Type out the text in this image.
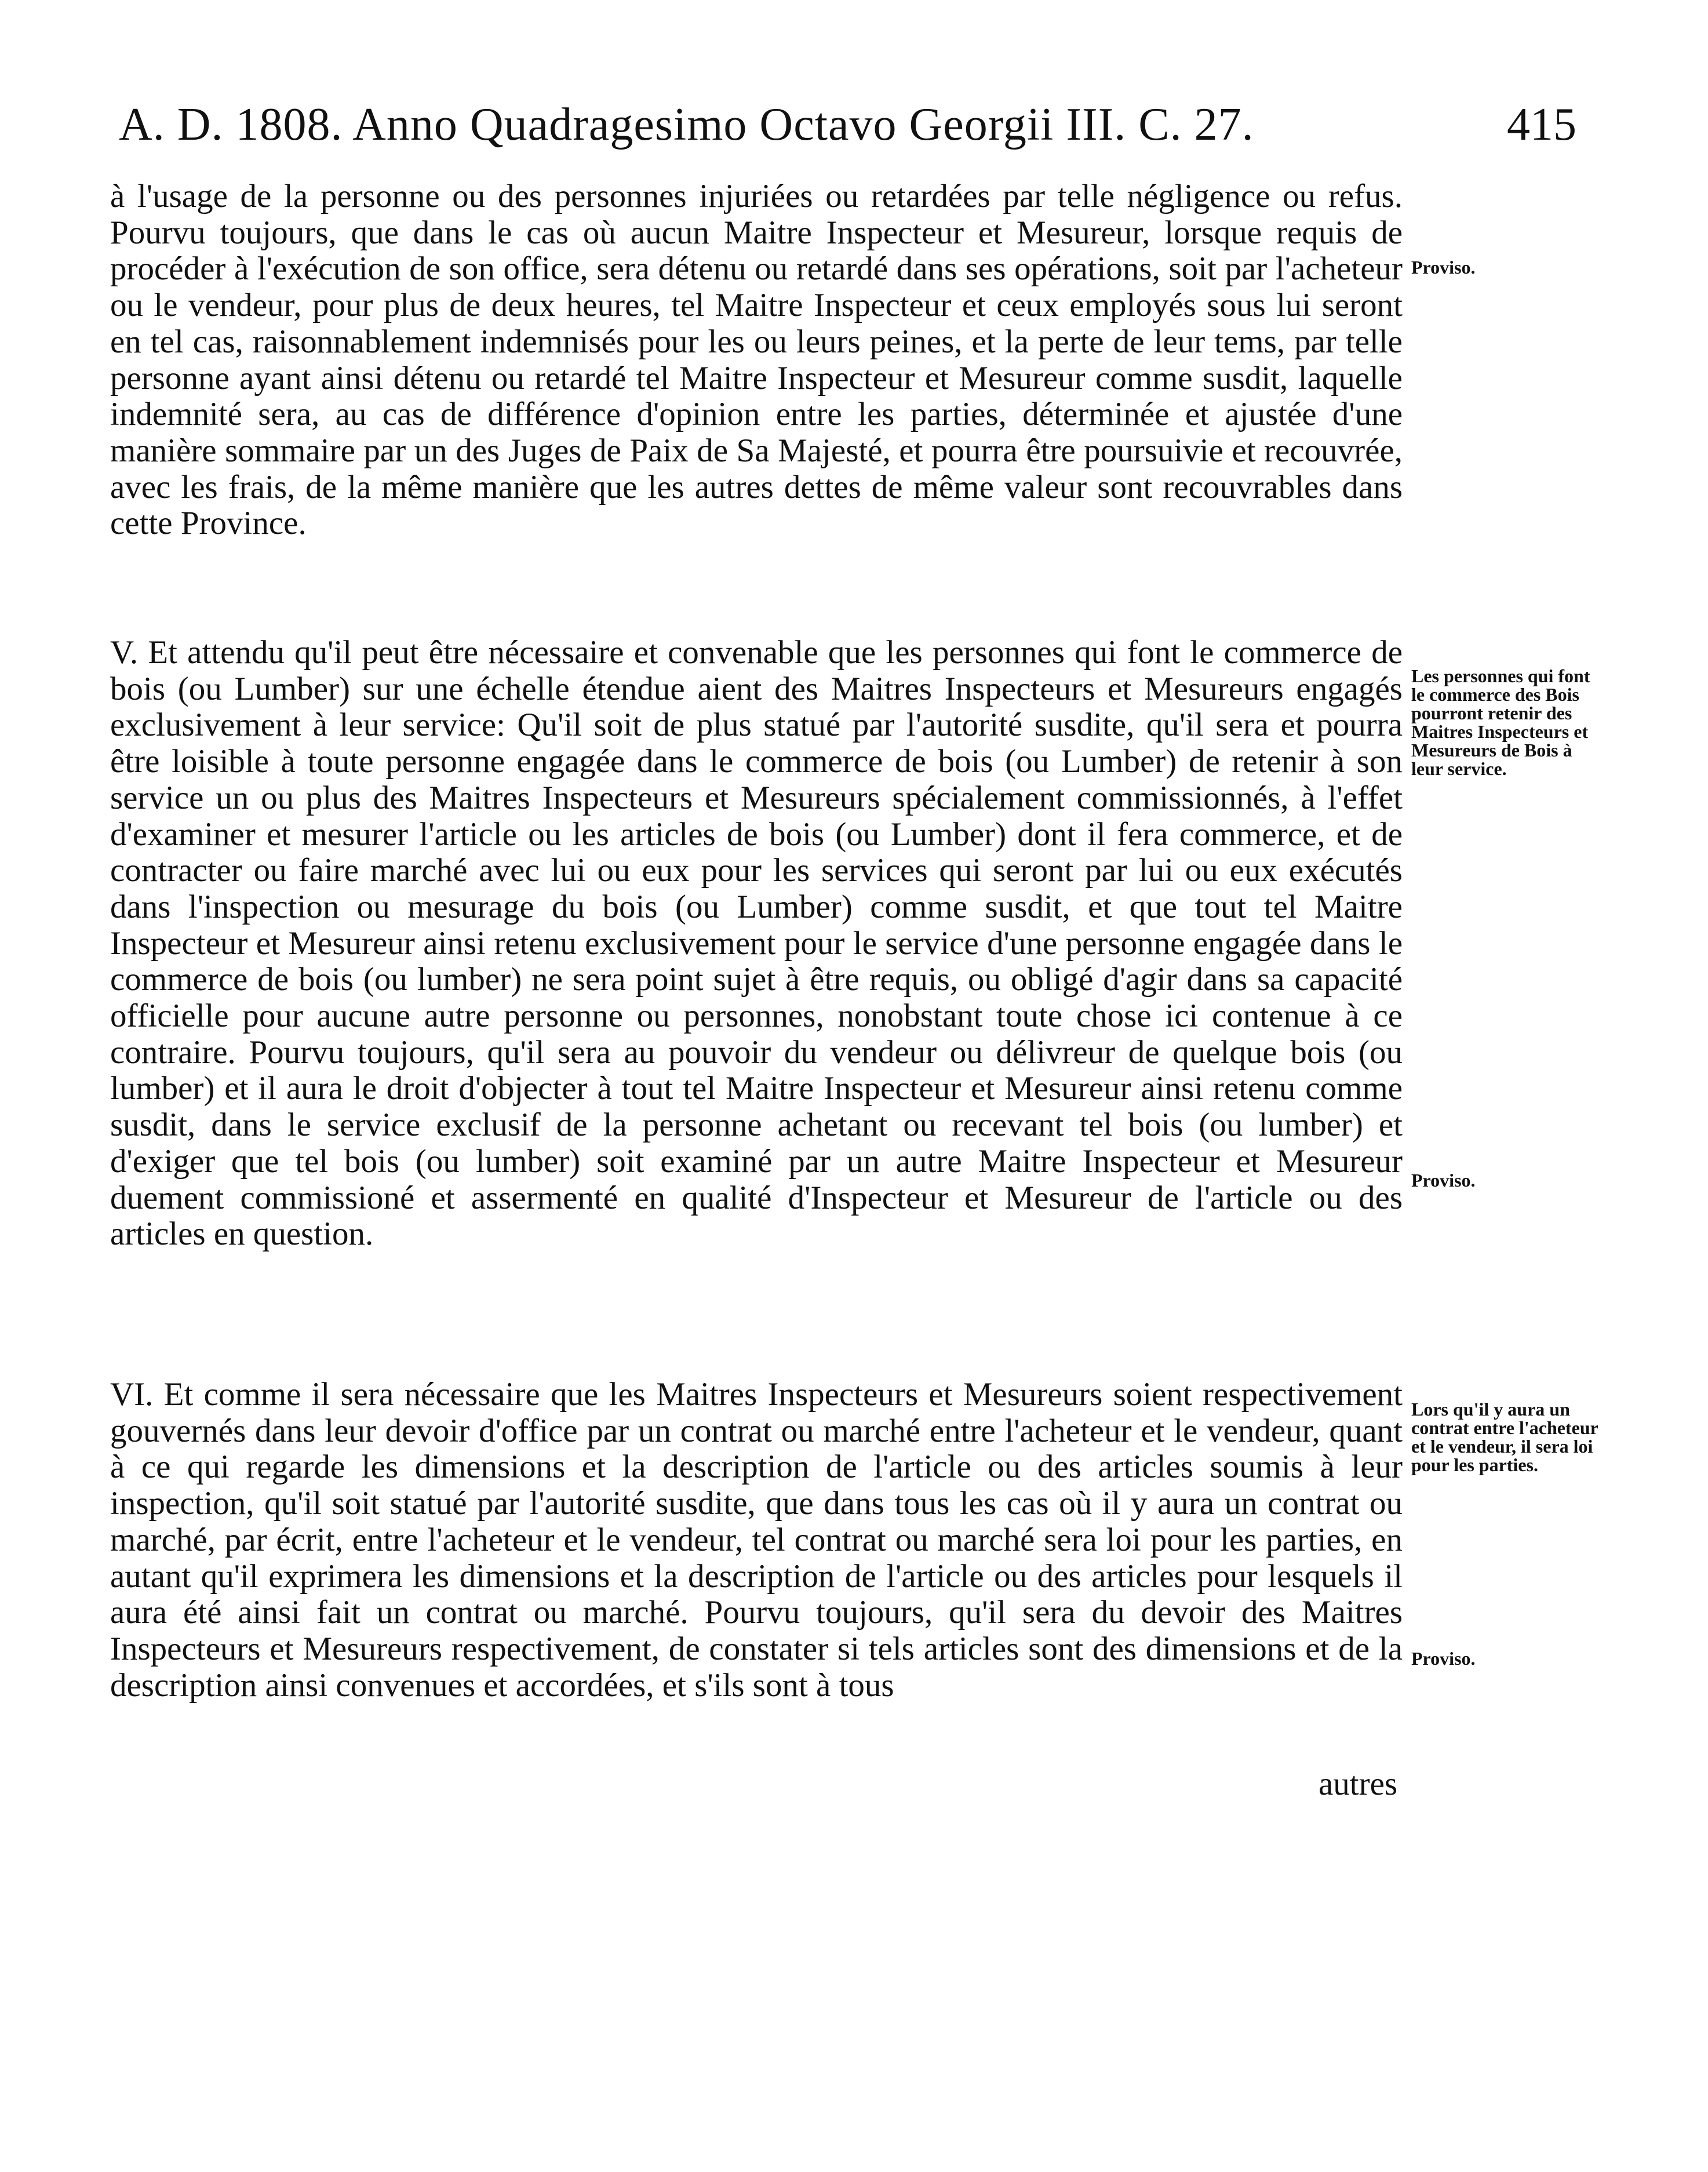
A. D. 1808. Anno Quadragesimo Octavo Georgii III. C. 27.	415

à l'usage de la personne ou des personnes injuriées ou retardées par telle négligence ou refus. Pourvu toujours, que dans le cas où aucun Maitre Inspecteur et Mesureur, lorsque requis de procéder à l'exécution de son office, sera détenu ou retardé dans ses opérations, soit par l'acheteur ou le vendeur, pour plus de deux heures, tel Maitre Inspecteur et ceux employés sous lui seront en tel cas, raisonnablement indemnisés pour les ou leurs peines, et la perte de leur tems, par telle personne ayant ainsi détenu ou retardé tel Maitre Inspecteur et Mesureur comme susdit, laquelle indemnité sera, au cas de différence d'opinion entre les parties, déterminée et ajustée d'une manière sommaire par un des Juges de Paix de Sa Majesté, et pourra être poursuivie et recouvrée, avec les frais, de la même manière que les autres dettes de même valeur sont recouvrables dans cette Province.

V. Et attendu qu'il peut être nécessaire et convenable que les personnes qui font le commerce de bois (ou Lumber) sur une échelle étendue aient des Maitres Inspecteurs et Mesureurs engagés exclusivement à leur service: Qu'il soit de plus statué par l'autorité susdite, qu'il sera et pourra être loisible à toute personne engagée dans le commerce de bois (ou Lumber) de retenir à son service un ou plus des Maitres Inspecteurs et Mesureurs spécialement commissionnés, à l'effet d'examiner et mesurer l'article ou les articles de bois (ou Lumber) dont il fera commerce, et de contracter ou faire marché avec lui ou eux pour les services qui seront par lui ou eux exécutés dans l'inspection ou mesurage du bois (ou Lumber) comme susdit, et que tout tel Maitre Inspecteur et Mesureur ainsi retenu exclusivement pour le service d'une personne engagée dans le commerce de bois (ou lumber) ne sera point sujet à être requis, ou obligé d'agir dans sa capacité officielle pour aucune autre personne ou personnes, nonobstant toute chose ici contenue à ce contraire. Pourvu toujours, qu'il sera au pouvoir du vendeur ou délivreur de quelque bois (ou lumber) et il aura le droit d'objecter à tout tel Maitre Inspecteur et Mesureur ainsi retenu comme susdit, dans le service exclusif de la personne achetant ou recevant tel bois (ou lumber) et d'exiger que tel bois (ou lumber) soit examiné par un autre Maitre Inspecteur et Mesureur duement commissioné et assermenté en qualité d'Inspecteur et Mesureur de l'article ou des articles en question.

VI. Et comme il sera nécessaire que les Maitres Inspecteurs et Mesureurs soient respectivement gouvernés dans leur devoir d'office par un contrat ou marché entre l'acheteur et le vendeur, quant à ce qui regarde les dimensions et la description de l'article ou des articles soumis à leur inspection, qu'il soit statué par l'autorité susdite, que dans tous les cas où il y aura un contrat ou marché, par écrit, entre l'acheteur et le vendeur, tel contrat ou marché sera loi pour les parties, en autant qu'il exprimera les dimensions et la description de l'article ou des articles pour lesquels il aura été ainsi fait un contrat ou marché. Pourvu toujours, qu'il sera du devoir des Maitres Inspecteurs et Mesureurs respectivement, de constater si tels articles sont des dimensions et de la description ainsi convenues et accordées, et s'ils sont à tous

Proviso.

Les personnes qui font le commerce des Bois pourront retenir des Maitres Inspecteurs et Mesureurs de Bois à leur service.

Proviso.

Lors qu'il y aura un contrat entre l'acheteur et le vendeur, il sera loi pour les parties.

Proviso.

autres
